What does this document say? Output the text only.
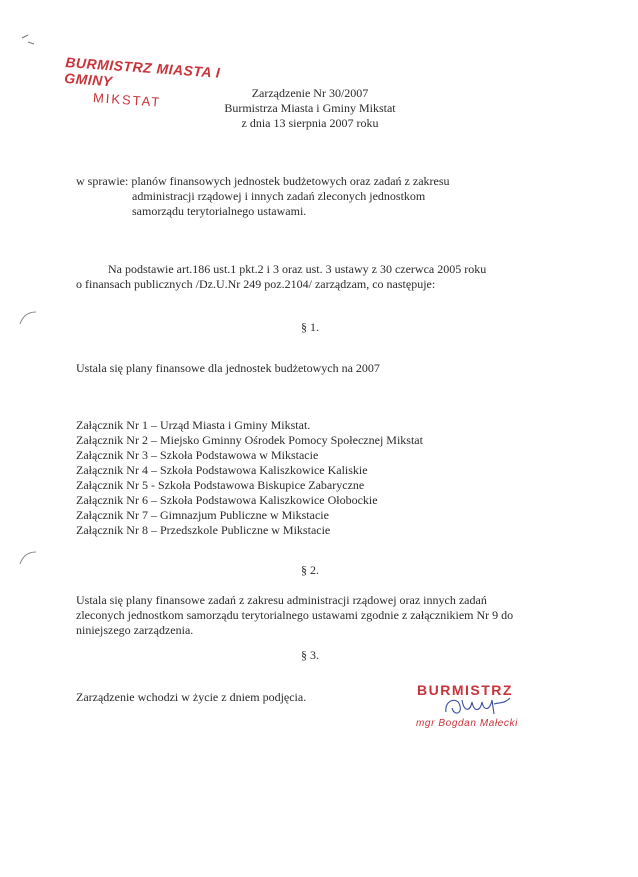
BURMISTRZ MIASTA I GMINY
MIKSTAT	Zarządzenie Nr 30/2007
Burmistrza Miasta i Gminy Mikstat
z dnia 13 sierpnia 2007 roku
w sprawie: planów finansowych jednostek budżetowych oraz zadań z zakresu
administracji rządowej i innych zadań zleconych jednostkom
samorządu terytorialnego ustawami.
Na podstawie art.186 ust.1 pkt.2 i 3 oraz ust. 3 ustawy z 30 czerwca 2005 roku
o finansach publicznych /Dz.U.Nr 249 poz.2104/ zarządzam, co następuje:
§ 1.
Ustala się plany finansowe dla jednostek budżetowych na 2007
Załącznik Nr 1 – Urząd Miasta i Gminy Mikstat.
Załącznik Nr 2 – Miejsko Gminny Ośrodek Pomocy Społecznej Mikstat
Załącznik Nr 3 – Szkoła Podstawowa w Mikstacie
Załącznik Nr 4 – Szkoła Podstawowa Kaliszkowice Kaliskie
Załącznik Nr 5 - Szkoła Podstawowa Biskupice Zabaryczne
Załącznik Nr 6 – Szkoła Podstawowa Kaliszkowice Ołobockie
Załącznik Nr 7 – Gimnazjum Publiczne w Mikstacie
Załącznik Nr 8 – Przedszkole Publiczne w Mikstacie
§ 2.
Ustala się plany finansowe zadań z zakresu administracji rządowej oraz innych zadań
zleconych jednostkom samorządu terytorialnego ustawami zgodnie z załącznikiem Nr 9 do
niniejszego zarządzenia.
§ 3.
Zarządzenie wchodzi w życie z dniem podjęcia.	BURMISTRZ
mgr Bogdan Małecki
